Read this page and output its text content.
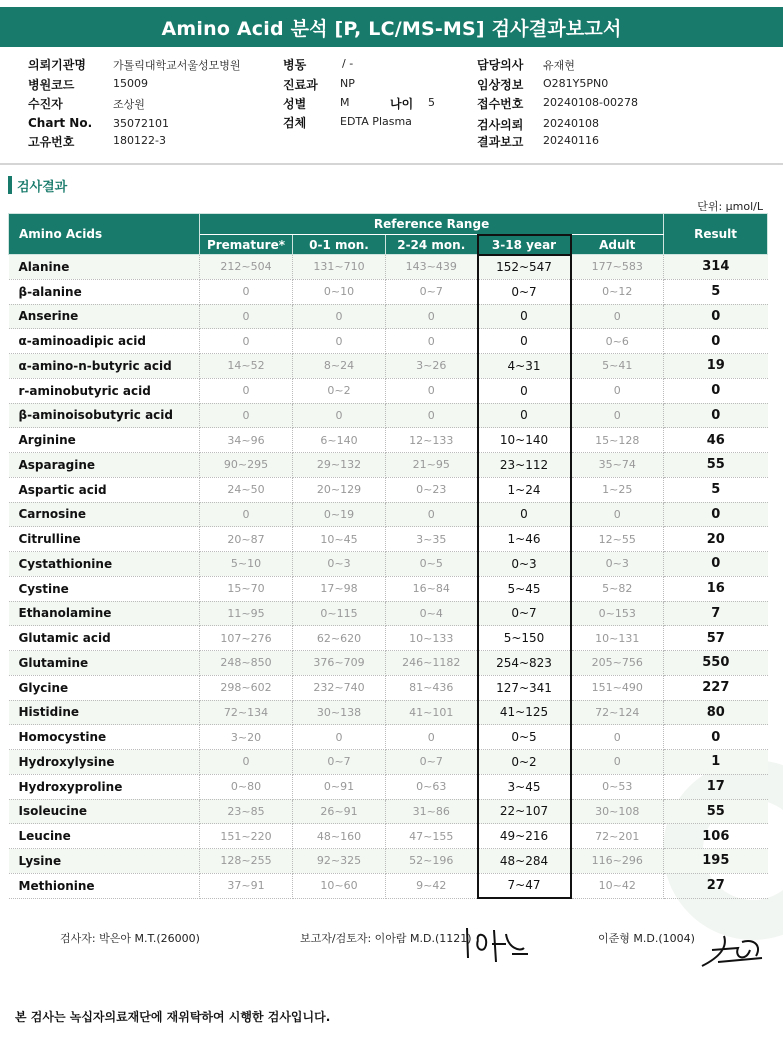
Amino Acid 분석 [P, LC/MS-MS] 검사결과보고서
의뢰기관명 가톨릭대학교서울성모병원
병원코드	15009
수진자	조상원
Chart No. 35072101
고유번호	180122-3
병동	/ -
진료과 NP
성별	M	나이 5
검체	EDTA Plasma
담당의사 유재현
임상정보 O281Y5PN0
접수번호 20240108-00278
검사의뢰 20240108
결과보고 20240116
검사결과
단위: μmol/L
Amino Acids	Reference Range					Result
	Premature*	0-1 mon.	2-24 mon.	3-18 year	Adult	
Alanine	212~504	131~710	143~439	152~547	177~583	314
β-alanine	0	0~10	0~7	0~7	0~12	5
Anserine	0	0	0	0	0	0
α-aminoadipic acid	0	0	0	0	0~6	0
α-amino-n-butyric acid	14~52	8~24	3~26	4~31	5~41	19
r-aminobutyric acid	0	0~2	0	0	0	0
β-aminoisobutyric acid	0	0	0	0	0	0
Arginine	34~96	6~140	12~133	10~140	15~128	46
Asparagine	90~295	29~132	21~95	23~112	35~74	55
Aspartic acid	24~50	20~129	0~23	1~24	1~25	5
Carnosine	0	0~19	0	0	0	0
Citrulline	20~87	10~45	3~35	1~46	12~55	20
Cystathionine	5~10	0~3	0~5	0~3	0~3	0
Cystine	15~70	17~98	16~84	5~45	5~82	16
Ethanolamine	11~95	0~115	0~4	0~7	0~153	7
Glutamic acid	107~276	62~620	10~133	5~150	10~131	57
Glutamine	248~850	376~709	246~1182	254~823	205~756	550
Glycine	298~602	232~740	81~436	127~341	151~490	227
Histidine	72~134	30~138	41~101	41~125	72~124	80
Homocystine	3~20	0	0	0~5	0	0
Hydroxylysine	0	0~7	0~7	0~2	0	1
Hydroxyproline	0~80	0~91	0~63	3~45	0~53	17
Isoleucine	23~85	26~91	31~86	22~107	30~108	55
Leucine	151~220	48~160	47~155	49~216	72~201	106
Lysine	128~255	92~325	52~196	48~284	116~296	195
Methionine	37~91	10~60	9~42	7~47	10~42	27
검사자: 박은아 M.T.(26000)	보고자/검토자: 이아람 M.D.(1121)	이준형 M.D.(1004)
본 검사는 녹십자의료재단에 재위탁하여 시행한 검사입니다.
